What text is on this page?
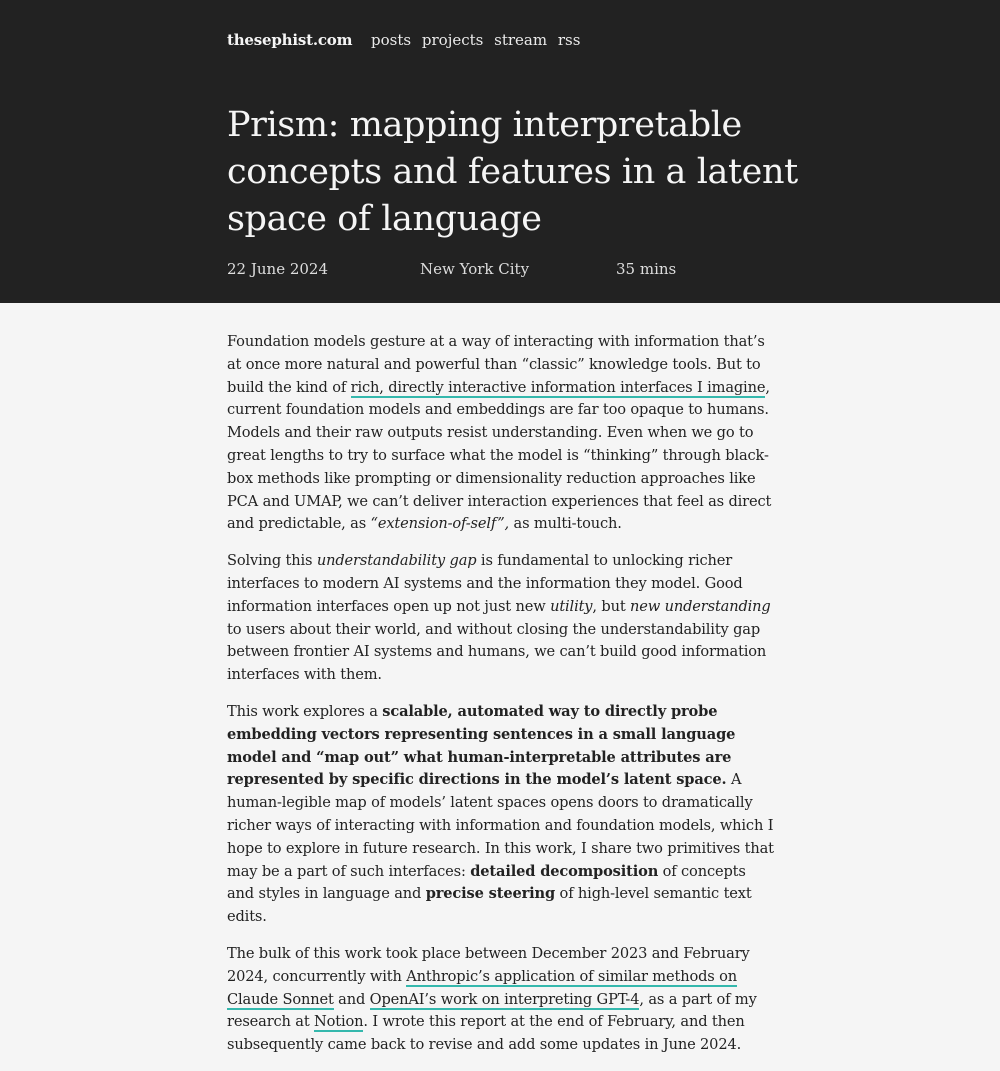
thesephist.com posts projects stream rss
Prism: mapping interpretable concepts and features in a latent space of language
22 June 2024	New York City	35 mins

Foundation models gesture at a way of interacting with information that’s at once more natural and powerful than “classic” knowledge tools. But to build the kind of rich, directly interactive information interfaces I imagine, current foundation models and embeddings are far too opaque to humans. Models and their raw outputs resist understanding. Even when we go to great lengths to try to surface what the model is “thinking” through black-box methods like prompting or dimensionality reduction approaches like PCA and UMAP, we can’t deliver interaction experiences that feel as direct and predictable, as “extension-of-self”, as multi-touch.

Solving this understandability gap is fundamental to unlocking richer interfaces to modern AI systems and the information they model. Good information interfaces open up not just new utility, but new understanding to users about their world, and without closing the understandability gap between frontier AI systems and humans, we can’t build good information interfaces with them.

This work explores a scalable, automated way to directly probe embedding vectors representing sentences in a small language model and “map out” what human-interpretable attributes are represented by specific directions in the model’s latent space. A human-legible map of models’ latent spaces opens doors to dramatically richer ways of interacting with information and foundation models, which I hope to explore in future research. In this work, I share two primitives that may be a part of such interfaces: detailed decomposition of concepts and styles in language and precise steering of high-level semantic text edits.

The bulk of this work took place between December 2023 and February 2024, concurrently with Anthropic’s application of similar methods on Claude Sonnet and OpenAI’s work on interpreting GPT-4, as a part of my research at Notion. I wrote this report at the end of February, and then subsequently came back to revise and add some updates in June 2024.
